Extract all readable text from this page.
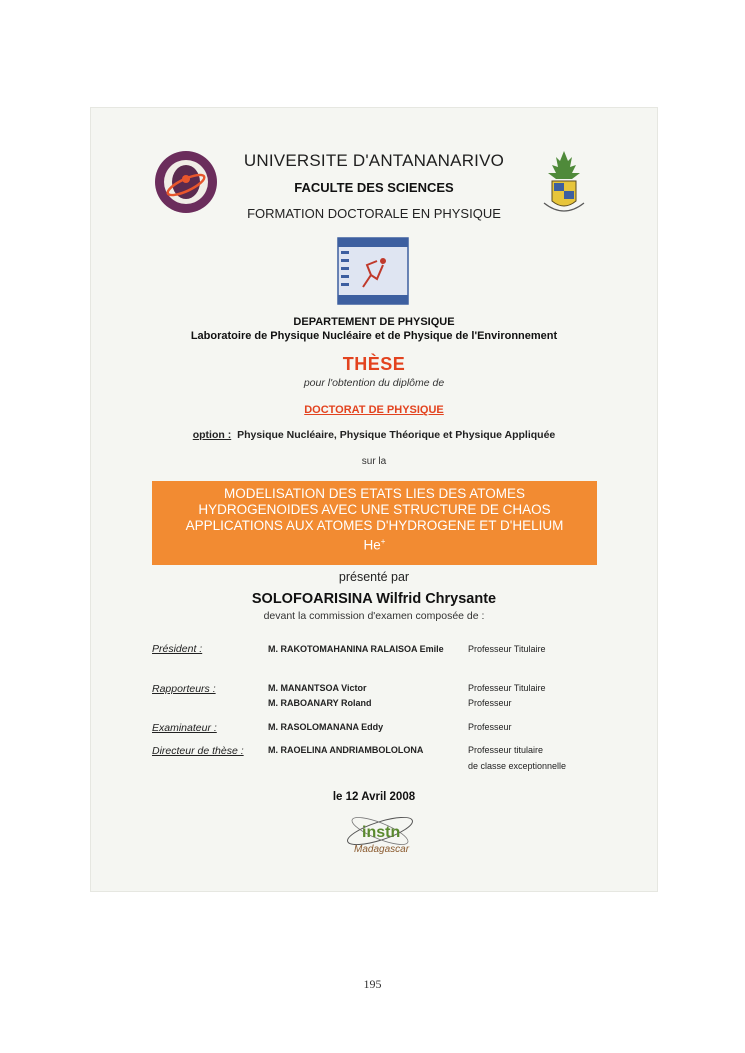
UNIVERSITE D'ANTANANARIVO
FACULTE DES SCIENCES
FORMATION DOCTORALE EN PHYSIQUE
DEPARTEMENT DE PHYSIQUE
Laboratoire de Physique Nucléaire et de Physique de l'Environnement
THÈSE
pour l'obtention du diplôme de
DOCTORAT DE PHYSIQUE
option : Physique Nucléaire, Physique Théorique et Physique Appliquée
sur la
MODELISATION DES ETATS LIES DES ATOMES
HYDROGENOIDES AVEC UNE STRUCTURE DE CHAOS
APPLICATIONS AUX ATOMES D'HYDROGENE ET D'HELIUM
He+
présenté par
SOLOFOARISINA Wilfrid Chrysante
devant la commission d'examen composée de :
Président :	M. RAKOTOMAHANINA RALAISOA Emile	Professeur Titulaire
Rapporteurs :	M. MANANTSOA Victor	Professeur Titulaire
M. RABOANARY Roland	Professeur
Examinateur :	M. RASOLOMANANA Eddy	Professeur
Directeur de thèse :	M. RAOELINA ANDRIAMBOLOLONA	Professeur titulaire
de classe exceptionnelle
le 12 Avril 2008
instn
Madagascar
195
